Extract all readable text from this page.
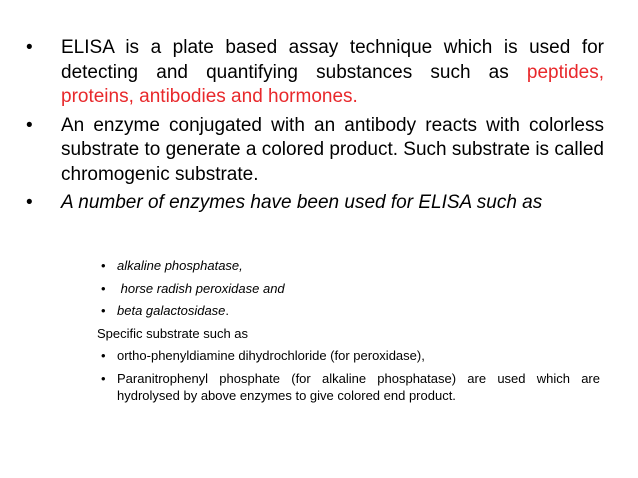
• ELISA is a plate based assay technique which is used for detecting and quantifying substances such as peptides, proteins, antibodies and hormones.
• An enzyme conjugated with an antibody reacts with colorless substrate to generate a colored product. Such substrate is called chromogenic substrate.
• A number of enzymes have been used for ELISA such as
• alkaline phosphatase,
• horse radish peroxidase and
• beta galactosidase.

Specific substrate such as

• ortho-phenyldiamine dihydrochloride (for peroxidase),
• Paranitrophenyl phosphate (for alkaline phosphatase) are used which are hydrolysed by above enzymes to give colored end product.
